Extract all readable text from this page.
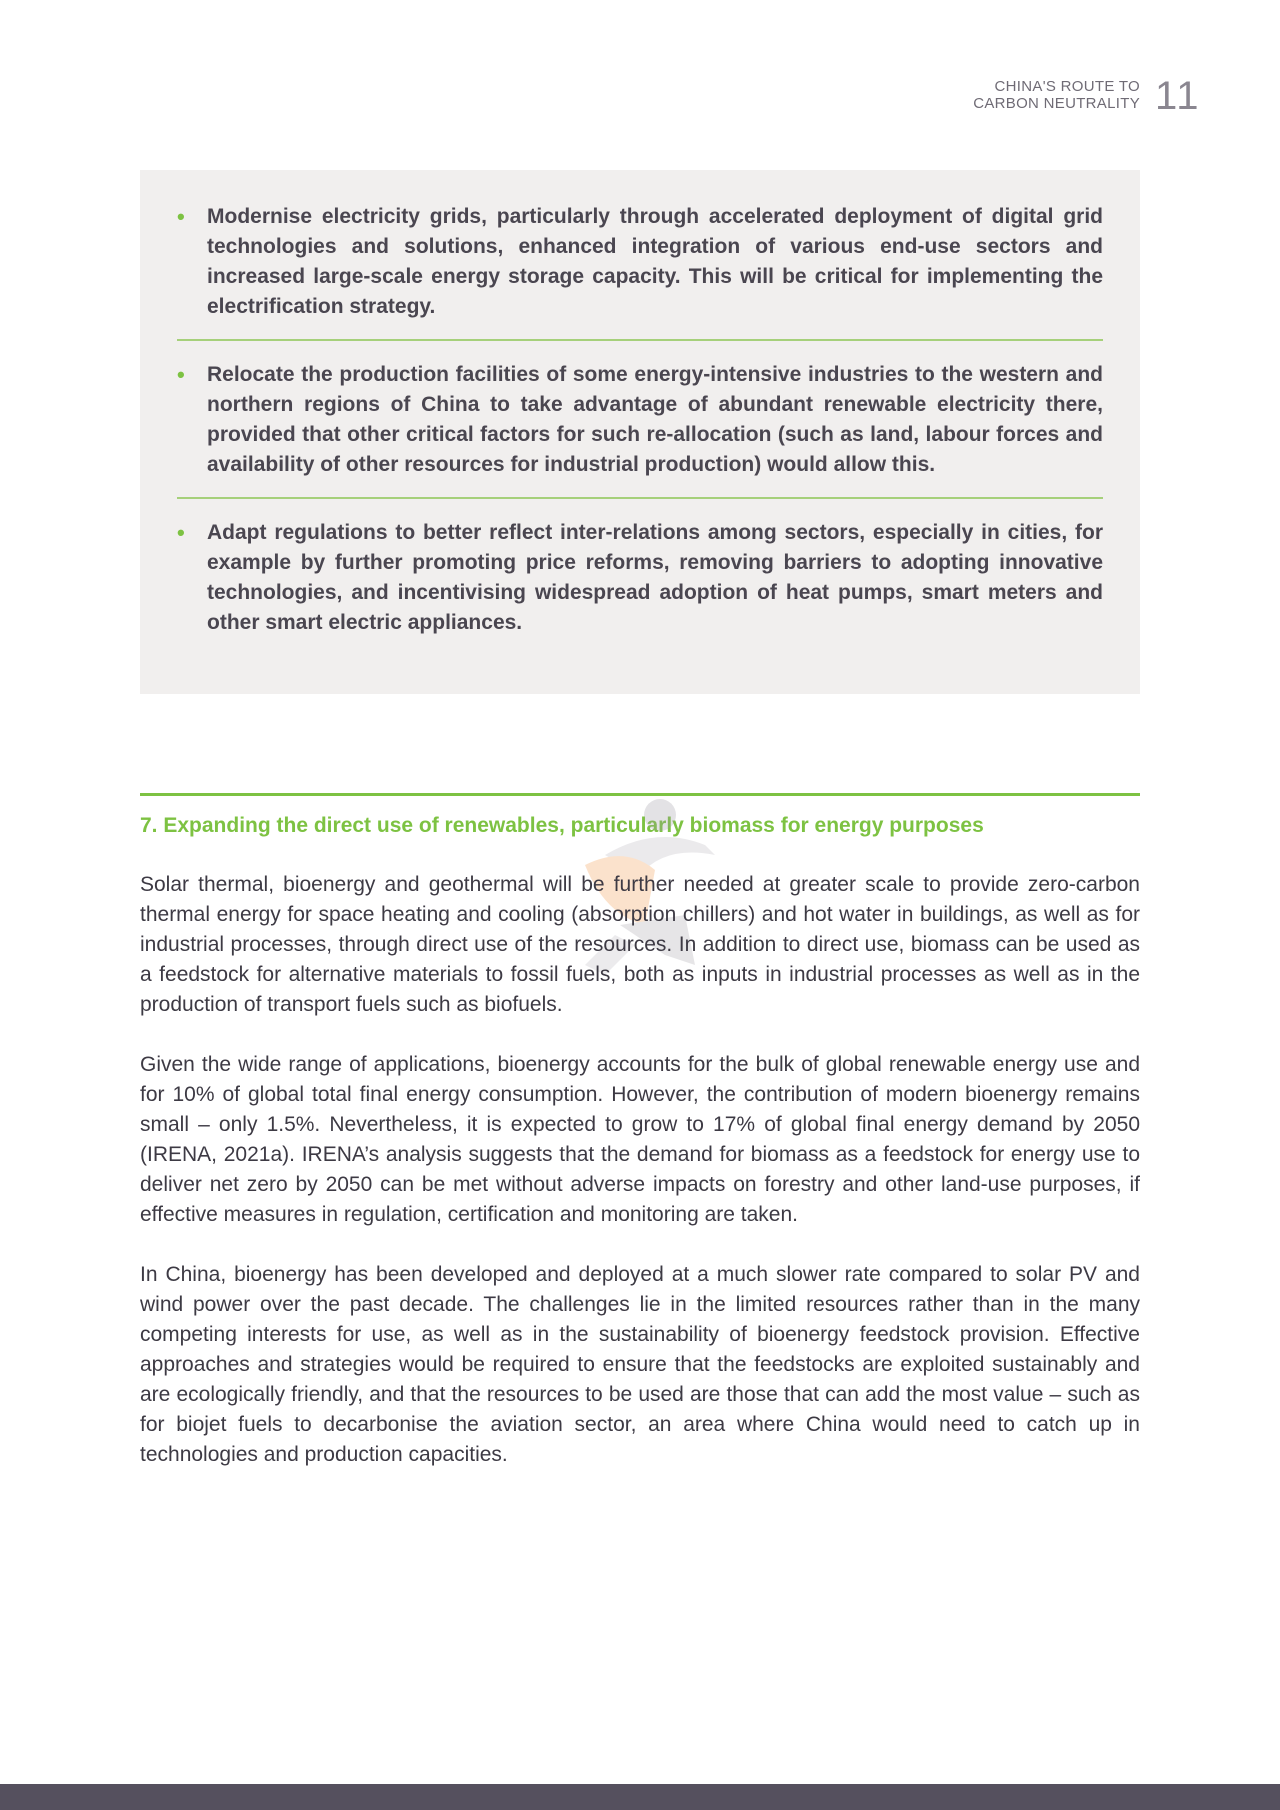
CHINA'S ROUTE TO
CARBON NEUTRALITY 11
• Modernise electricity grids, particularly through accelerated deployment of digital grid technologies and solutions, enhanced integration of various end-use sectors and increased large-scale energy storage capacity. This will be critical for implementing the electrification strategy.
• Relocate the production facilities of some energy-intensive industries to the western and northern regions of China to take advantage of abundant renewable electricity there, provided that other critical factors for such re-allocation (such as land, labour forces and availability of other resources for industrial production) would allow this.
• Adapt regulations to better reflect inter-relations among sectors, especially in cities, for example by further promoting price reforms, removing barriers to adopting innovative technologies, and incentivising widespread adoption of heat pumps, smart meters and other smart electric appliances.
7. Expanding the direct use of renewables, particularly biomass for energy purposes

Solar thermal, bioenergy and geothermal will be further needed at greater scale to provide zero-carbon thermal energy for space heating and cooling (absorption chillers) and hot water in buildings, as well as for industrial processes, through direct use of the resources. In addition to direct use, biomass can be used as a feedstock for alternative materials to fossil fuels, both as inputs in industrial processes as well as in the production of transport fuels such as biofuels.

Given the wide range of applications, bioenergy accounts for the bulk of global renewable energy use and for 10% of global total final energy consumption. However, the contribution of modern bioenergy remains small – only 1.5%. Nevertheless, it is expected to grow to 17% of global final energy demand by 2050 (IRENA, 2021a). IRENA’s analysis suggests that the demand for biomass as a feedstock for energy use to deliver net zero by 2050 can be met without adverse impacts on forestry and other land-use purposes, if effective measures in regulation, certification and monitoring are taken.

In China, bioenergy has been developed and deployed at a much slower rate compared to solar PV and wind power over the past decade. The challenges lie in the limited resources rather than in the many competing interests for use, as well as in the sustainability of bioenergy feedstock provision. Effective approaches and strategies would be required to ensure that the feedstocks are exploited sustainably and are ecologically friendly, and that the resources to be used are those that can add the most value – such as for biojet fuels to decarbonise the aviation sector, an area where China would need to catch up in technologies and production capacities.
